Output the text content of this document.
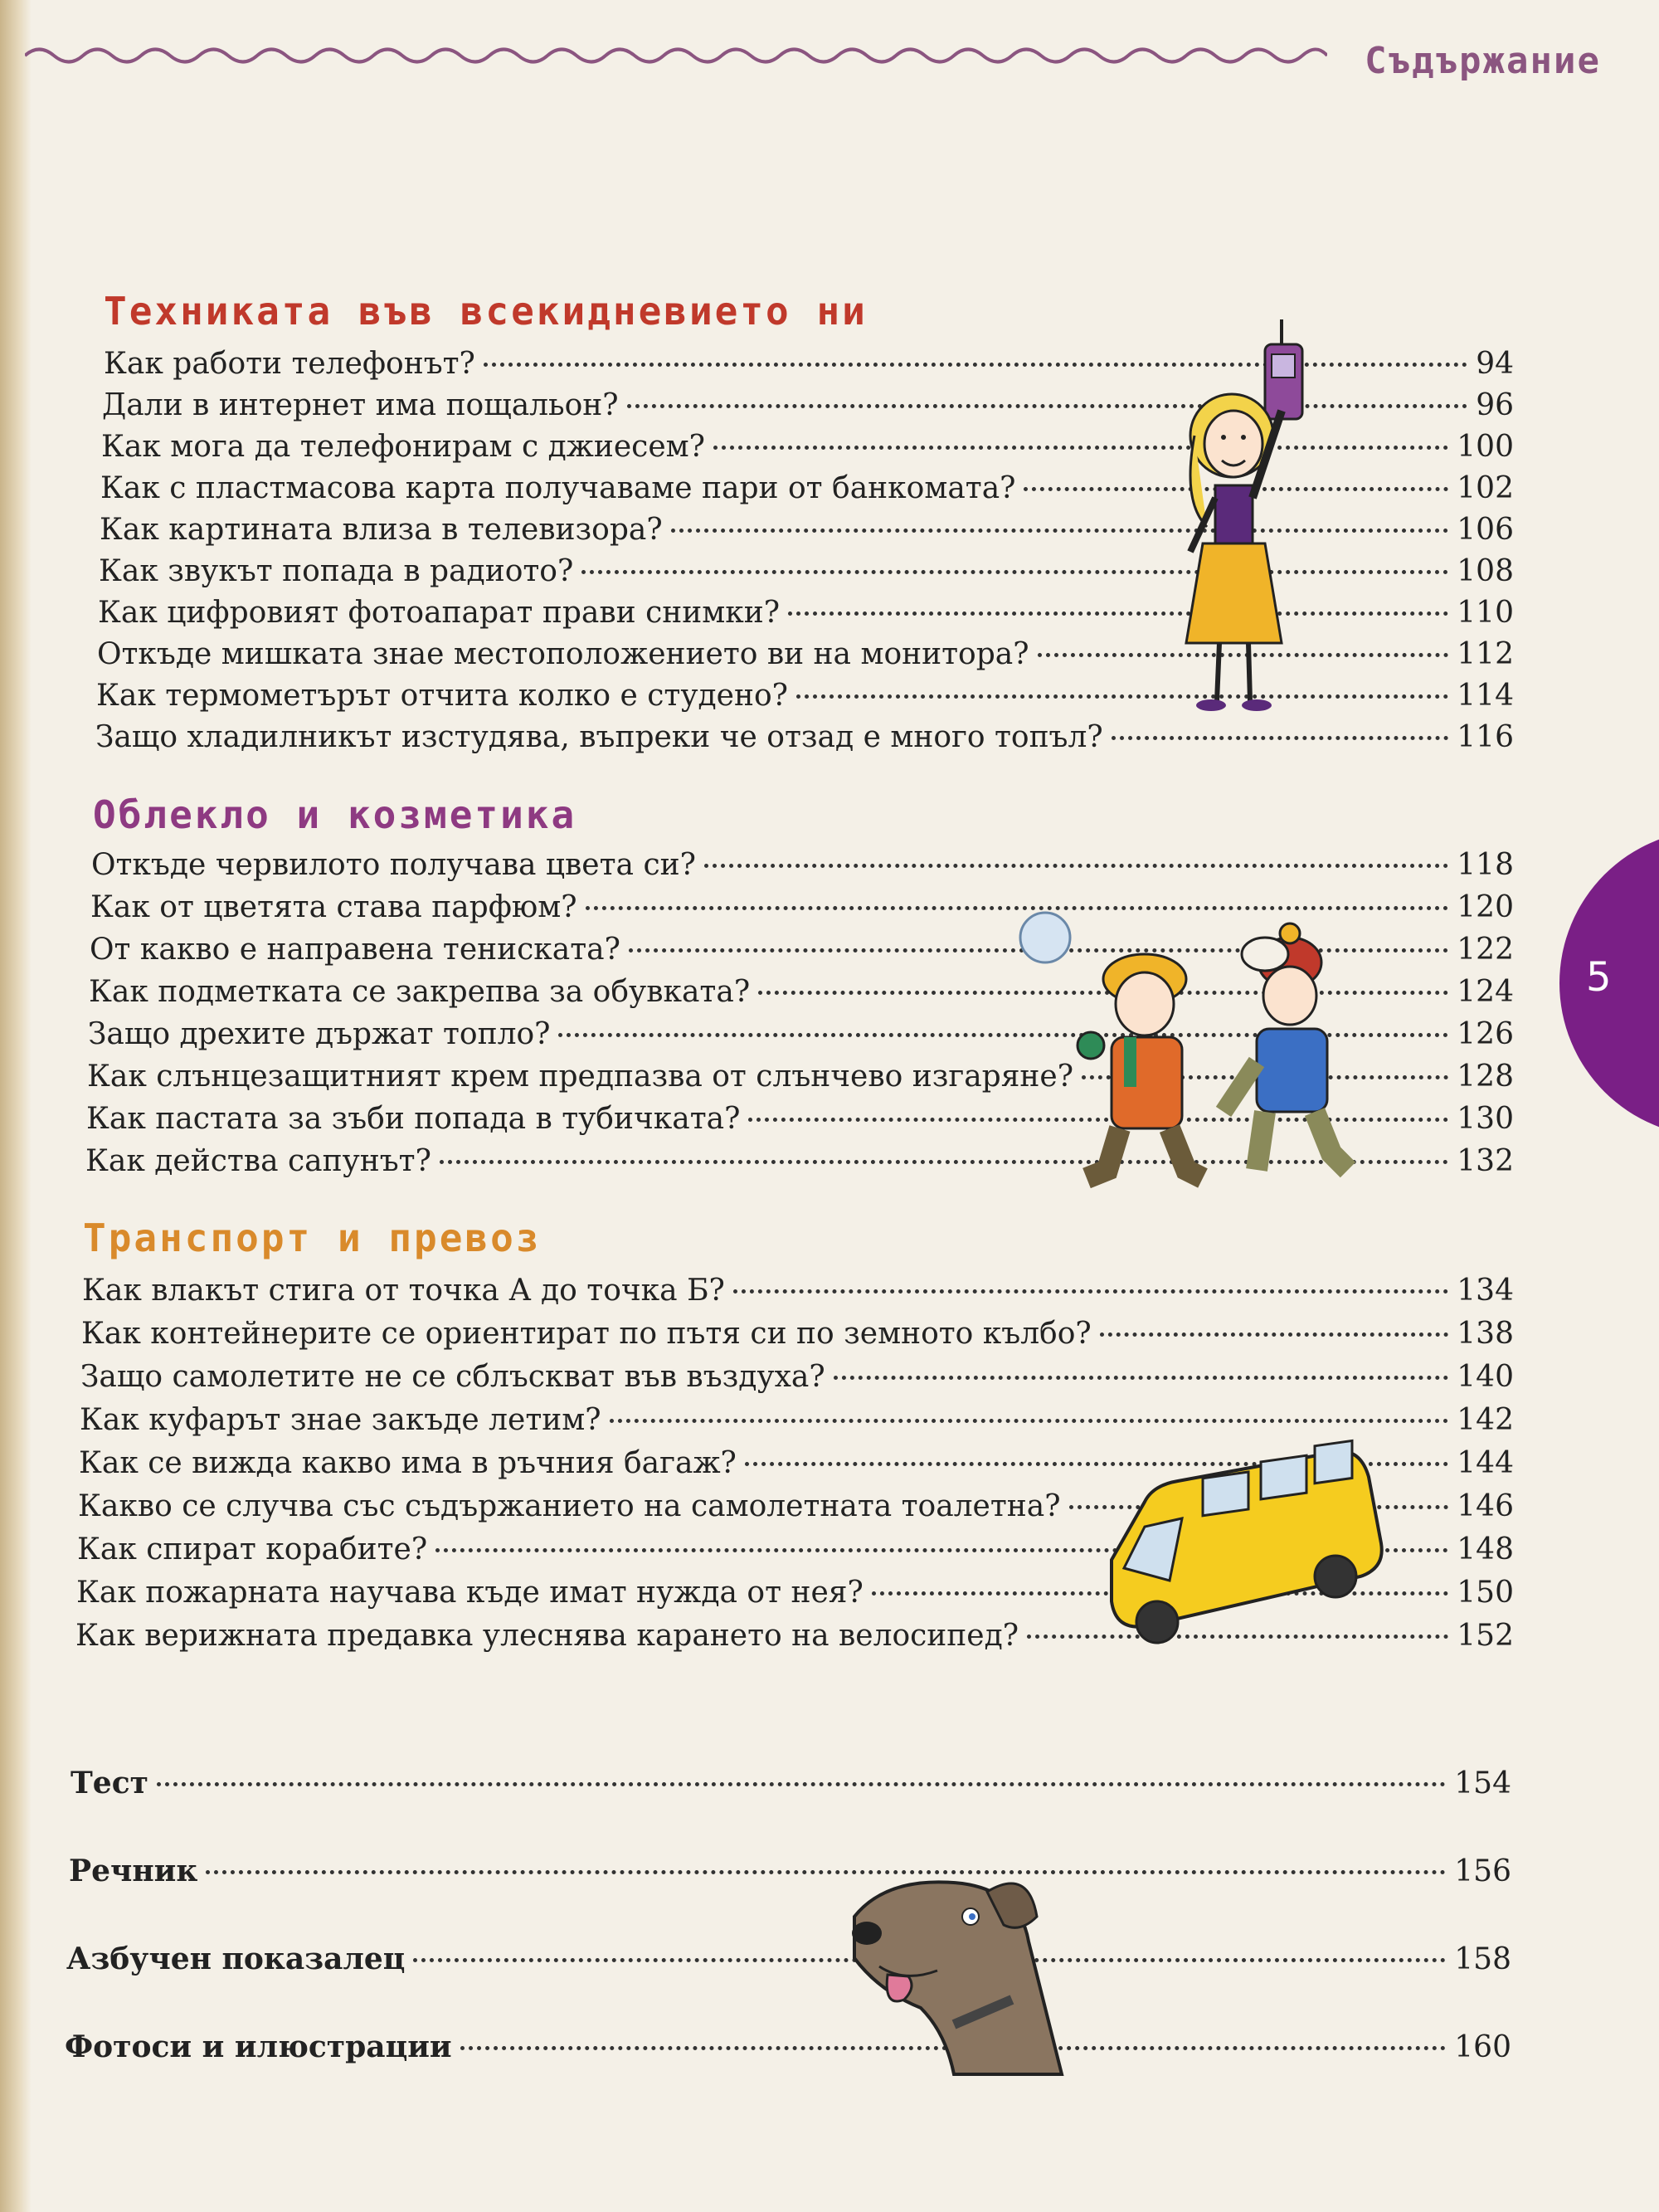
Съдържание
Техниката във всекидневието ни
Как работи телефонът?	94
Дали в интернет има пощальон?	96
Как мога да телефонирам с джиесем?	100
Как с пластмасова карта получаваме пари от банкомата?	102
Как картината влиза в телевизора?	106
Как звукът попада в радиото?	108
Как цифровият фотоапарат прави снимки?	110
Откъде мишката знае местоположението ви на монитора?	112
Как термометърът отчита колко е студено?	114
Защо хладилникът изстудява, въпреки че отзад е много топъл?	116
Облекло и козметика
Откъде червилото получава цвета си?	118
Как от цветята става парфюм?	120
От какво е направена тениската?	122
Как подметката се закрепва за обувката?	124
Защо дрехите държат топло?	126
Как слънцезащитният крем предпазва от слънчево изгаряне?	128
Как пастата за зъби попада в тубичката?	130
Как действа сапунът?	132
Транспорт и превоз
Как влакът стига от точка А до точка Б?	134
Как контейнерите се ориентират по пътя си по земното кълбо?	138
Защо самолетите не се сблъскват във въздуха?	140
Как куфарът знае закъде летим?	142
Как се вижда какво има в ръчния багаж?	144
Какво се случва със съдържанието на самолетната тоалетна?	146
Как спират корабите?	148
Как пожарната научава къде имат нужда от нея?	150
Как верижната предавка улеснява карането на велосипед?	152
Тест	154
Речник	156
Азбучен показалец	158
Фотоси и илюстрации	160
5
